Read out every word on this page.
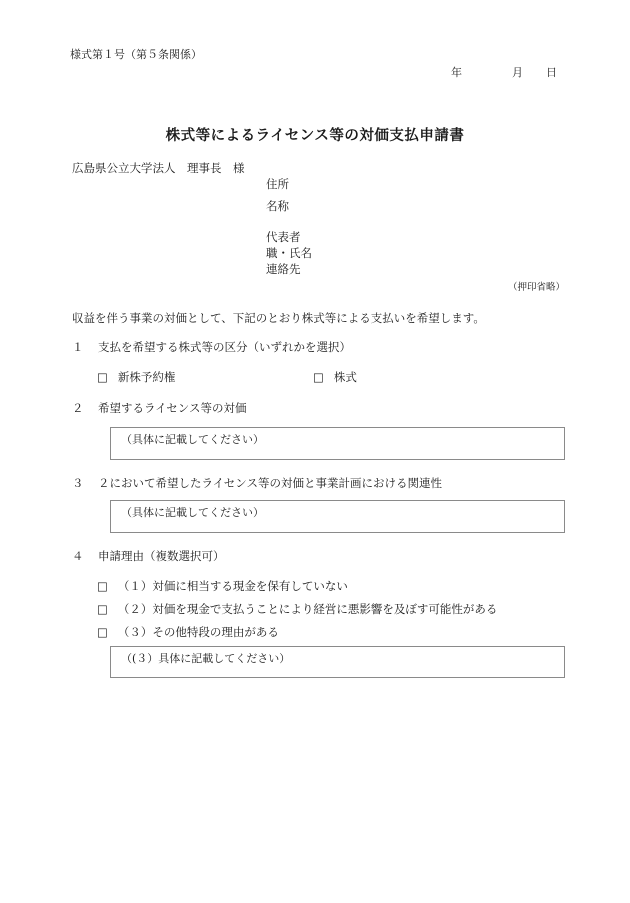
様式第１号（第５条関係）
年	月 日
株式等によるライセンス等の対価支払申請書
広島県公立大学法人　理事長　様
住所
名称
代表者
職・氏名
連絡先
（押印省略）
収益を伴う事業の対価として、下記のとおり株式等による支払いを希望します。
１ 支払を希望する株式等の区分（いずれかを選択）
□ 新株予約権	□ 株式
２ 希望するライセンス等の対価
（具体に記載してください）
３ ２において希望したライセンス等の対価と事業計画における関連性
（具体に記載してください）
４ 申請理由（複数選択可）
□ （１）対価に相当する現金を保有していない
□ （２）対価を現金で支払うことにより経営に悪影響を及ぼす可能性がある
□ （３）その他特段の理由がある
（(３）具体に記載してください）
